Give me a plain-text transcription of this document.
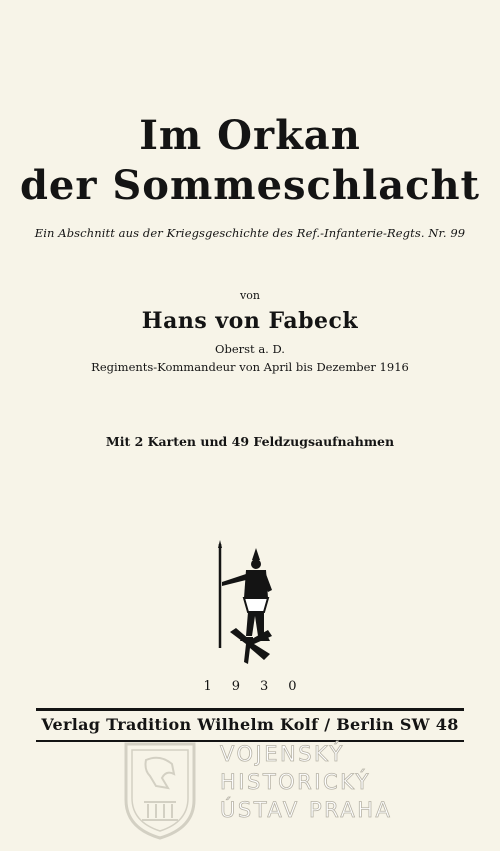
Im Orkan
der Sommeschlacht
Ein Abschnitt aus der Kriegsgeschichte des Ref.-Infanterie-Regts. Nr. 99
von
Hans von Fabeck
Oberst a. D.
Regiments-Kommandeur von April bis Dezember 1916
Mit 2 Karten und 49 Feldzugsaufnahmen
1930
Verlag Tradition Wilhelm Kolf / Berlin SW 48
VOJENSKÝ
HISTORICKÝ
ÚSTAV PRAHA
